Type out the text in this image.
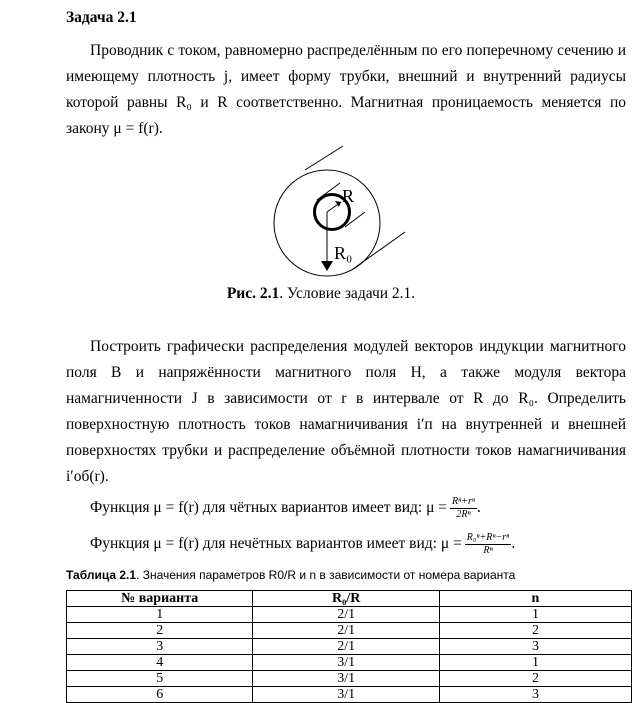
Задача 2.1
Проводник с током, равномерно распределённым по его поперечному сечению и имеющему плотность j, имеет форму трубки, внешний и внутренний радиусы которой равны R₀ и R соответственно. Магнитная проницаемость меняется по закону μ = f(r).
R
R₀
Рис. 2.1. Условие задачи 2.1.
Построить графически распределения модулей векторов индукции магнитного поля B и напряжённости магнитного поля H, а также модуля вектора намагниченности J в зависимости от r в интервале от R до R₀. Определить поверхностную плотность токов намагничивания i′п на внутренней и внешней поверхностях трубки и распределение объёмной плотности токов намагничивания i′об(r).
Функция μ = f(r) для чётных вариантов имеет вид: $\mu = \frac{\text{Rⁿ+rⁿ}}{\text{2Rⁿ}}$ .
Функция μ = f(r) для нечётных вариантов имеет вид: $\mu = \frac{\text{R₀ⁿ+Rⁿ−rⁿ}}{\text{Rⁿ}}$ .
Таблица 2.1. Значения параметров R0/R и n в зависимости от номера варианта
№ варианта	R₀/R	n
1	2/1	1
2	2/1	2
3	2/1	3
4	3/1	1
5	3/1	2
6	3/1	3
